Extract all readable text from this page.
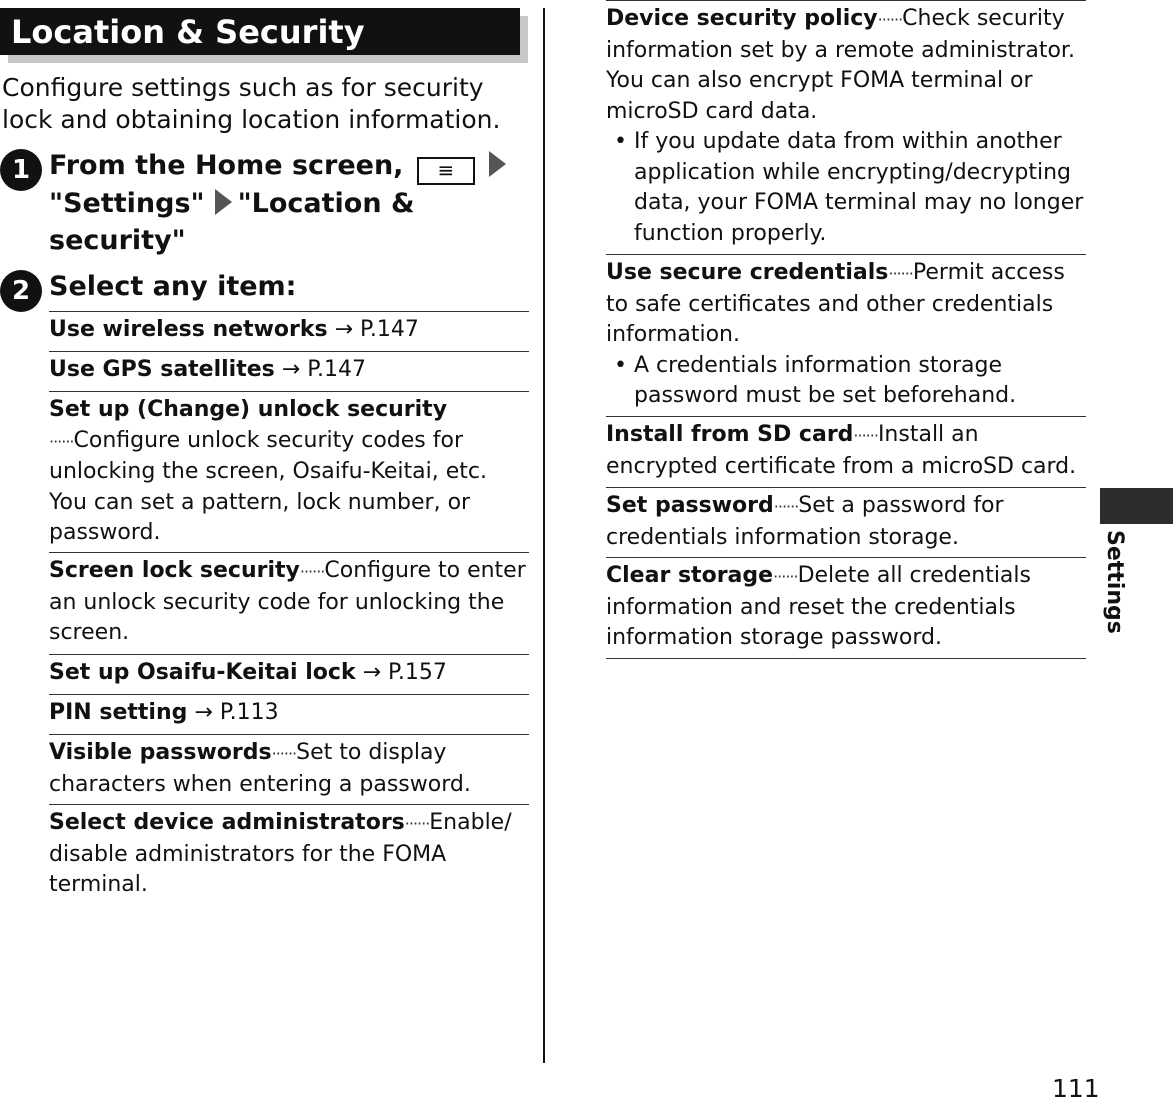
Location & Security
Configure settings such as for security lock and obtaining location information.
1 From the Home screen, ≡"Settings" "Location & security"
2 Select any item:
Use wireless networks → P.147
Use GPS satellites → P.147
Set up (Change) unlock security
······Configure unlock security codes for unlocking the screen, Osaifu-Keitai, etc. You can set a pattern, lock number, or password.
Screen lock security······Configure to enter an unlock security code for unlocking the screen.
Set up Osaifu-Keitai lock → P.157
PIN setting → P.113
Visible passwords······Set to display characters when entering a password.
Select device administrators······Enable/ disable administrators for the FOMA terminal.
Device security policy······Check security information set by a remote administrator. You can also encrypt FOMA terminal or microSD card data.
• If you update data from within another application while encrypting/decrypting data, your FOMA terminal may no longer function properly.
Use secure credentials······Permit access to safe certificates and other credentials information.
• A credentials information storage password must be set beforehand.
Install from SD card······Install an encrypted certificate from a microSD card.
Set password······Set a password for credentials information storage.
Clear storage······Delete all credentials information and reset the credentials information storage password.
Settings
111
